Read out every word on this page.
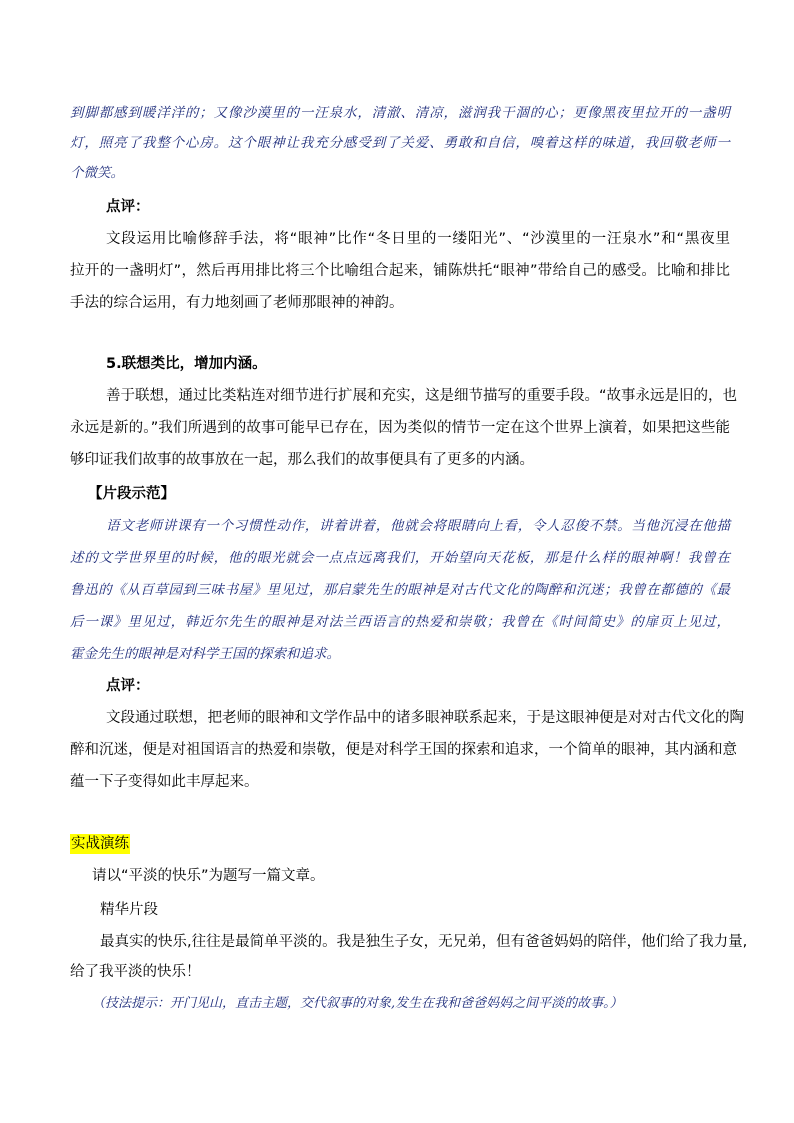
到脚都感到暖洋洋的；又像沙漠里的一汪泉水，清澈、清凉，滋润我干涸的心；更像黑夜里拉开的一盏明
灯，照亮了我整个心房。这个眼神让我充分感受到了关爱、勇敢和自信，嗅着这样的味道，我回敬老师一
个微笑。
点评：
文段运用比喻修辞手法，将“眼神”比作“冬日里的一缕阳光”、“沙漠里的一汪泉水”和“黑夜里
拉开的一盏明灯”，然后再用排比将三个比喻组合起来，铺陈烘托“眼神”带给自己的感受。比喻和排比
手法的综合运用，有力地刻画了老师那眼神的神韵。
5.联想类比，增加内涵。
善于联想，通过比类粘连对细节进行扩展和充实，这是细节描写的重要手段。“故事永远是旧的，也
永远是新的。”我们所遇到的故事可能早已存在，因为类似的情节一定在这个世界上演着，如果把这些能
够印证我们故事的故事放在一起，那么我们的故事便具有了更多的内涵。
【片段示范】
语文老师讲课有一个习惯性动作，讲着讲着，他就会将眼睛向上看，令人忍俊不禁。当他沉浸在他描
述的文学世界里的时候，他的眼光就会一点点远离我们，开始望向天花板，那是什么样的眼神啊！我曾在
鲁迅的《从百草园到三味书屋》里见过，那启蒙先生的眼神是对古代文化的陶醉和沉迷；我曾在都德的《最
后一课》里见过，韩近尔先生的眼神是对法兰西语言的热爱和崇敬；我曾在《时间简史》的扉页上见过，
霍金先生的眼神是对科学王国的探索和追求。
点评：
文段通过联想，把老师的眼神和文学作品中的诸多眼神联系起来，于是这眼神便是对对古代文化的陶
醉和沉迷，便是对祖国语言的热爱和崇敬，便是对科学王国的探索和追求，一个简单的眼神，其内涵和意
蕴一下子变得如此丰厚起来。
实战演练
请以“平淡的快乐”为题写一篇文章。
精华片段
最真实的快乐,往往是最简单平淡的。我是独生子女，无兄弟，但有爸爸妈妈的陪伴，他们给了我力量,
给了我平淡的快乐！
（技法提示：开门见山，直击主题，交代叙事的对象,发生在我和爸爸妈妈之间平淡的故事。）
